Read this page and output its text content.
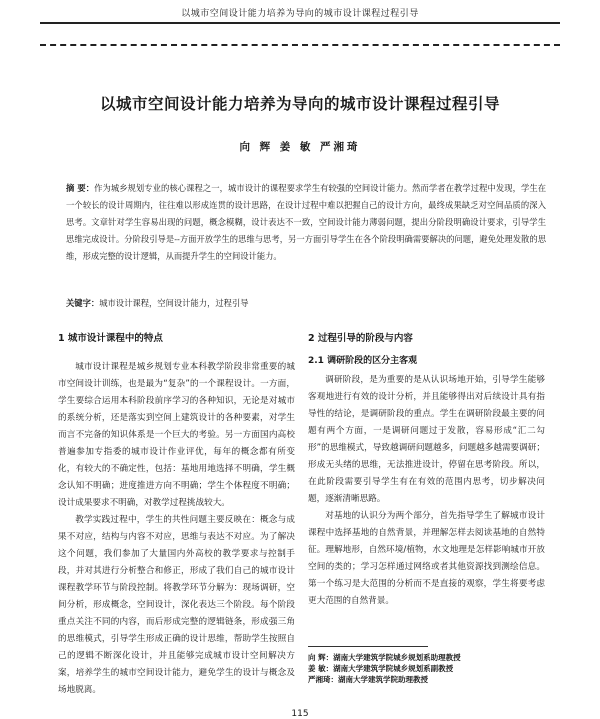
以城市空间设计能力培养为导向的城市设计课程过程引导
以城市空间设计能力培养为导向的城市设计课程过程引导
向 辉 姜 敏 严湘琦
摘 要：作为城乡规划专业的核心课程之一，城市设计的课程要求学生有较强的空间设计能力。然而学者在教学过程中发现，学生在一个较长的设计周期内，往往难以形成连贯的设计思路，在设计过程中难以把握自己的设计方向，最终成果缺乏对空间品质的深入思考。文章针对学生容易出现的问题，概念模糊，设计表达不一致，空间设计能力薄弱问题，提出分阶段明确设计要求，引导学生思维完成设计。分阶段引导是--方面开放学生的思维与思考，另一方面引导学生在各个阶段明确需要解决的问题，避免处理发散的思维，形成完整的设计逻辑，从而提升学生的空间设计能力。
关键字：城市设计课程，空间设计能力，过程引导
1 城市设计课程中的特点

城市设计课程是城乡规划专业本科教学阶段非常重要的城市空间设计训练，也是最为“复杂”的一个课程设计。一方面，学生要综合运用本科阶段前序学习的各种知识，无论是对城市的系统分析，还是落实到空间上建筑设计的各种要素，对学生而言不完备的知识体系是一个巨大的考验。另一方面国内高校普遍参加专指委的城市设计作业评优，每年的概念都有所变化，有较大的不确定性，包括：基地用地选择不明确，学生概念认知不明确；进度推进方向不明确；学生个体程度不明确；设计成果要求不明确，对教学过程挑战较大。

教学实践过程中，学生的共性问题主要反映在：概念与成果不对应，结构与内容不对应，思维与表达不对应。为了解决这个问题，我们参加了大量国内外高校的教学要求与控制手段，并对其进行分析整合和修正，形成了我们自己的城市设计课程教学环节与阶段控制。将教学环节分解为：现场调研，空间分析，形成概念，空间设计，深化表达三个阶段。每个阶段重点关注不同的内容，而后形成完整的逻辑链条，形成强三角的思维模式，引导学生形成正确的设计思维，帮助学生按照自己的逻辑不断深化设计，并且能够完成城市设计空间解决方案，培养学生的城市空间设计能力，避免学生的设计与概念及场地脱离。

2 过程引导的阶段与内容
2.1 调研阶段的区分主客观

调研阶段，是为重要的是从认识场地开始，引导学生能够客观地进行有效的设计分析，并且能够得出对后续设计具有指导性的结论，是调研阶段的重点。学生在调研阶段最主要的问题有两个方面，一是调研问题过于发散，容易形成“汇二勾形”的思维模式，导致越调研问题越多，问题越多越需要调研；形成无头绪的思维，无法推进设计，停留在思考阶段。所以，在此阶段需要引导学生有在有效的范围内思考，切步解决问题，逐渐清晰思路。

对基地的认识分为两个部分，首先指导学生了解城市设计课程中选择基地的自然背景，并理解怎样去阅读基地的自然特征。理解地形，自然环境/植物，水文地理是怎样影响城市开放空间的类的；学习怎样通过网络或者其他资源找到测绘信息。第一个练习是大范围的分析而不是直接的观察，学生将要考虑更大范围的自然背景。

向 辉：湖南大学建筑学院城乡规划系助理教授
姜 敏：湖南大学建筑学院城乡规划系副教授
严湘琦：湖南大学建筑学院助理教授
115
